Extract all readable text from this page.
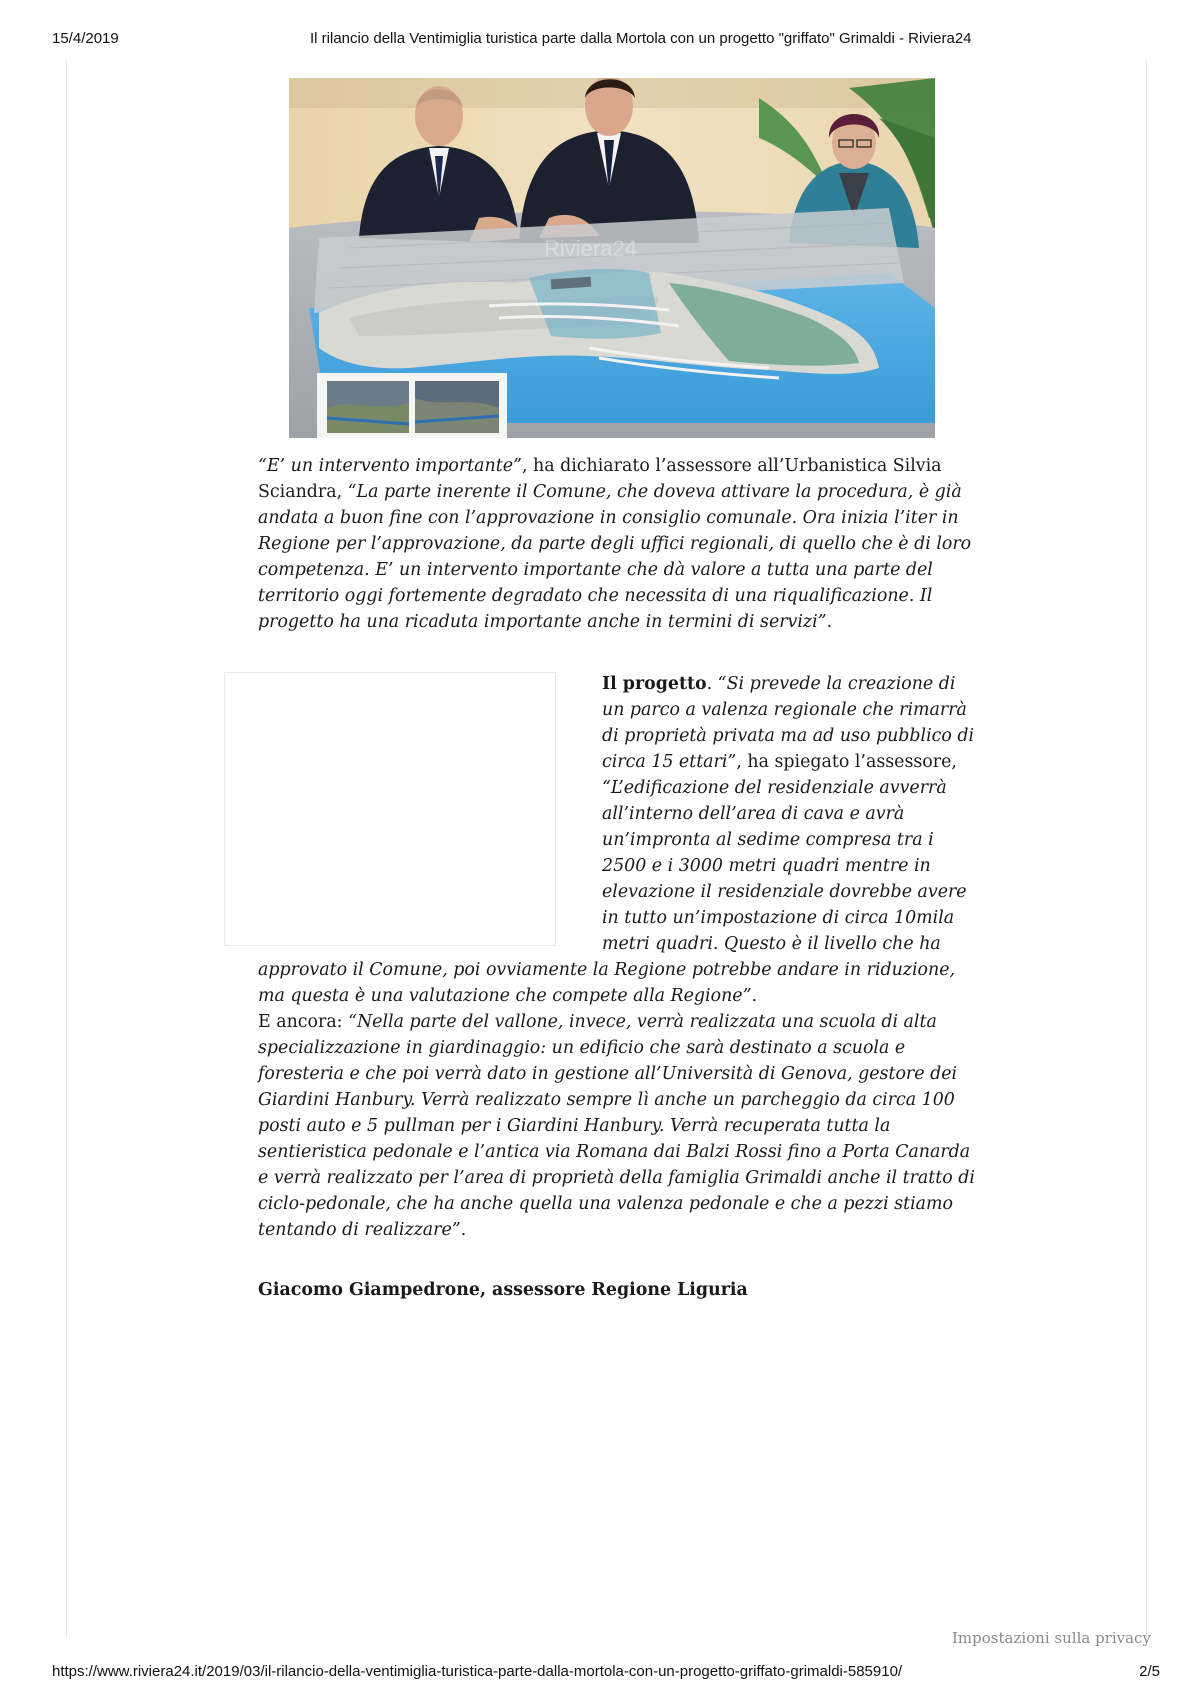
15/4/2019	Il rilancio della Ventimiglia turistica parte dalla Mortola con un progetto "griffato" Grimaldi - Riviera24
Riviera24

“E’ un intervento importante”, ha dichiarato l’assessore all’Urbanistica Silvia Sciandra, “La parte inerente il Comune, che doveva attivare la procedura, è già andata a buon fine con l’approvazione in consiglio comunale. Ora inizia l’iter in Regione per l’approvazione, da parte degli uffici regionali, di quello che è di loro competenza. E’ un intervento importante che dà valore a tutta una parte del territorio oggi fortemente degradato che necessita di una riqualificazione. Il progetto ha una ricaduta importante anche in termini di servizi”.

Il progetto. “Si prevede la creazione di un parco a valenza regionale che rimarrà di proprietà privata ma ad uso pubblico di circa 15 ettari”, ha spiegato l’assessore, “L’edificazione del residenziale avverrà all’interno dell’area di cava e avrà un’impronta al sedime compresa tra i 2500 e i 3000 metri quadri mentre in elevazione il residenziale dovrebbe avere in tutto un’impostazione di circa 10mila metri quadri. Questo è il livello che ha

approvato il Comune, poi ovviamente la Regione potrebbe andare in riduzione, ma questa è una valutazione che compete alla Regione”.

E ancora: “Nella parte del vallone, invece, verrà realizzata una scuola di alta specializzazione in giardinaggio: un edificio che sarà destinato a scuola e foresteria e che poi verrà dato in gestione all’Università di Genova, gestore dei Giardini Hanbury. Verrà realizzato sempre lì anche un parcheggio da circa 100 posti auto e 5 pullman per i Giardini Hanbury. Verrà recuperata tutta la sentieristica pedonale e l’antica via Romana dai Balzi Rossi fino a Porta Canarda e verrà realizzato per l’area di proprietà della famiglia Grimaldi anche il tratto di ciclo-pedonale, che ha anche quella una valenza pedonale e che a pezzi stiamo tentando di realizzare”.

Giacomo Giampedrone, assessore Regione Liguria
Impostazioni sulla privacy
https://www.riviera24.it/2019/03/il-rilancio-della-ventimiglia-turistica-parte-dalla-mortola-con-un-progetto-griffato-grimaldi-585910/	2/5
